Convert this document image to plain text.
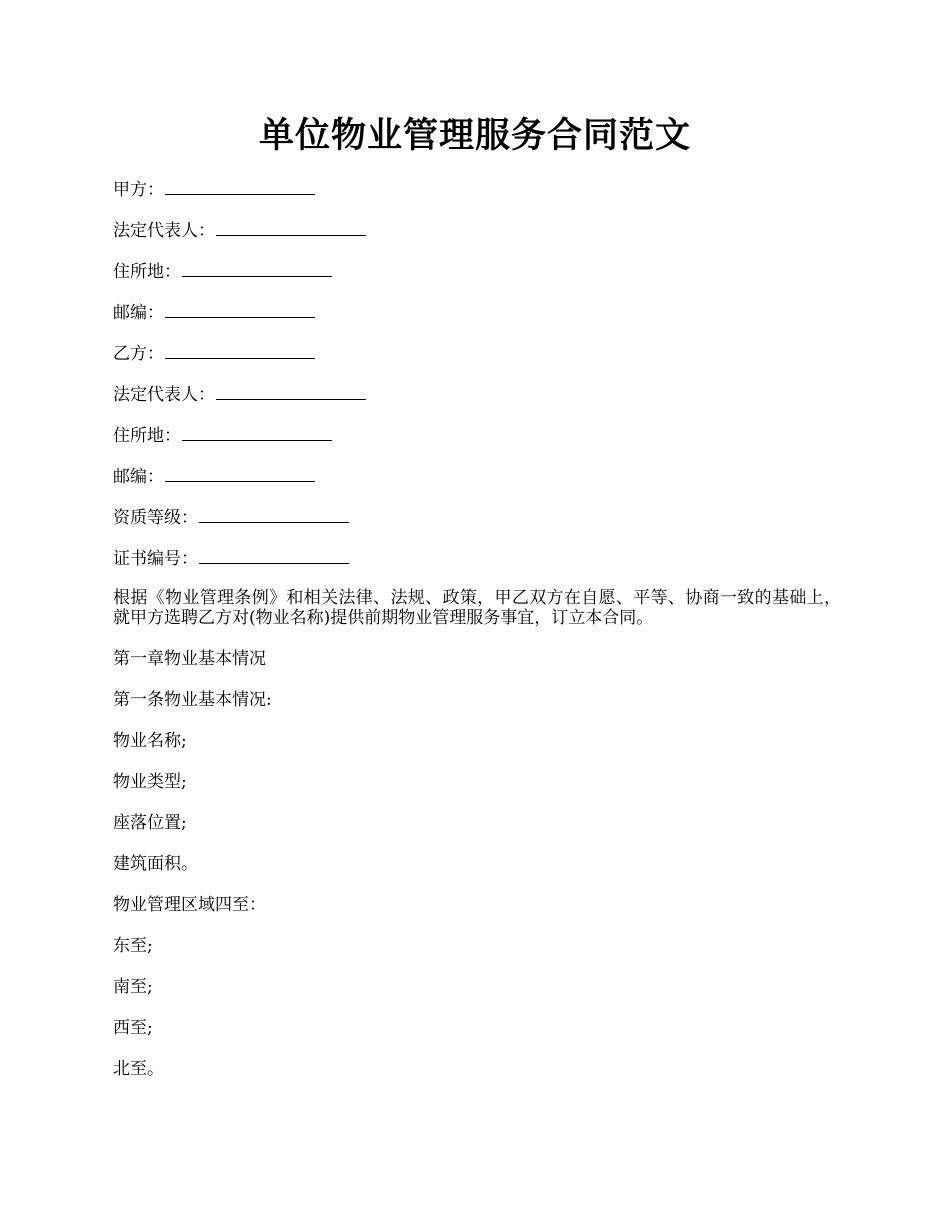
单位物业管理服务合同范文
甲方：
法定代表人：
住所地：
邮编：
乙方：
法定代表人：
住所地：
邮编：
资质等级：
证书编号：
根据《物业管理条例》和相关法律、法规、政策，甲乙双方在自愿、平等、协商一致的基础上，就甲方选聘乙方对(物业名称)提供前期物业管理服务事宜，订立本合同。
第一章物业基本情况
第一条物业基本情况:
物业名称;
物业类型;
座落位置;
建筑面积。
物业管理区域四至：
东至;
南至;
西至;
北至。
